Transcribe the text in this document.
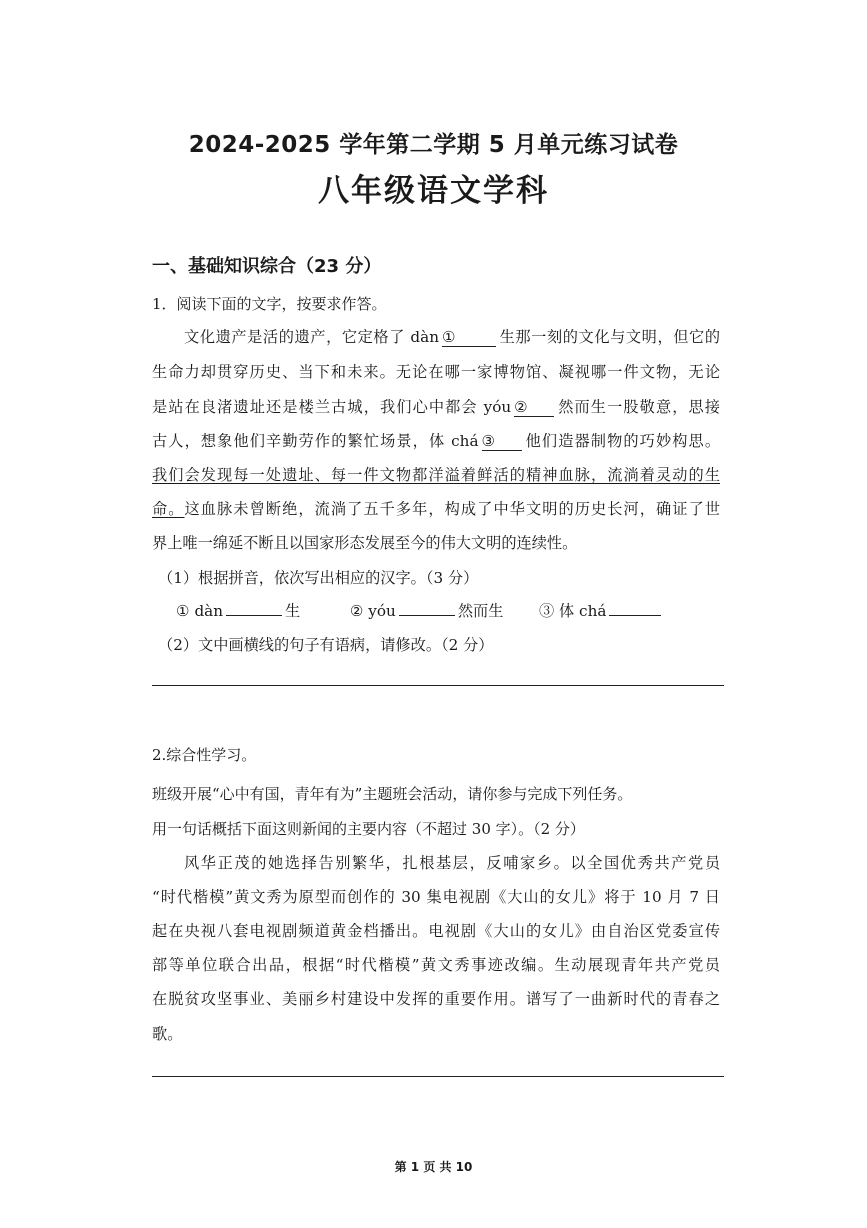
2024-2025 学年第二学期 5 月单元练习试卷
八年级语文学科
一、基础知识综合（23 分）
1．阅读下面的文字，按要求作答。
文化遗产是活的遗产，它定格了 dàn ①	生那一刻的文化与文明，但它的
生命力却贯穿历史、当下和未来。无论在哪一家博物馆、凝视哪一件文物，无论
是站在良渚遗址还是楼兰古城，我们心中都会 yóu ② 然而生一股敬意，思接
古人，想象他们辛勤劳作的繁忙场景，体 chá ③ 他们造器制物的巧妙构思。
我们会发现每一处遗址、每一件文物都洋溢着鲜活的精神血脉，流淌着灵动的生
命。这血脉未曾断绝，流淌了五千多年，构成了中华文明的历史长河，确证了世
界上唯一绵延不断且以国家形态发展至今的伟大文明的连续性。
（1）根据拼音，依次写出相应的汉字。（3 分）
① dàn	生	② yóu	然而生 ③ 体 chá
（2）文中画横线的句子有语病，请修改。（2 分）
2.综合性学习。
班级开展“心中有国，青年有为”主题班会活动，请你参与完成下列任务。
用一句话概括下面这则新闻的主要内容（不超过 30 字）。（2 分）
风华正茂的她选择告别繁华，扎根基层，反哺家乡。以全国优秀共产党员
“时代楷模”黄文秀为原型而创作的 30 集电视剧《大山的女儿》将于 10 月 7 日
起在央视八套电视剧频道黄金档播出。电视剧《大山的女儿》由自治区党委宣传
部等单位联合出品，根据“时代楷模”黄文秀事迹改编。生动展现青年共产党员
在脱贫攻坚事业、美丽乡村建设中发挥的重要作用。谱写了一曲新时代的青春之
歌。
第 1 页 共 10
